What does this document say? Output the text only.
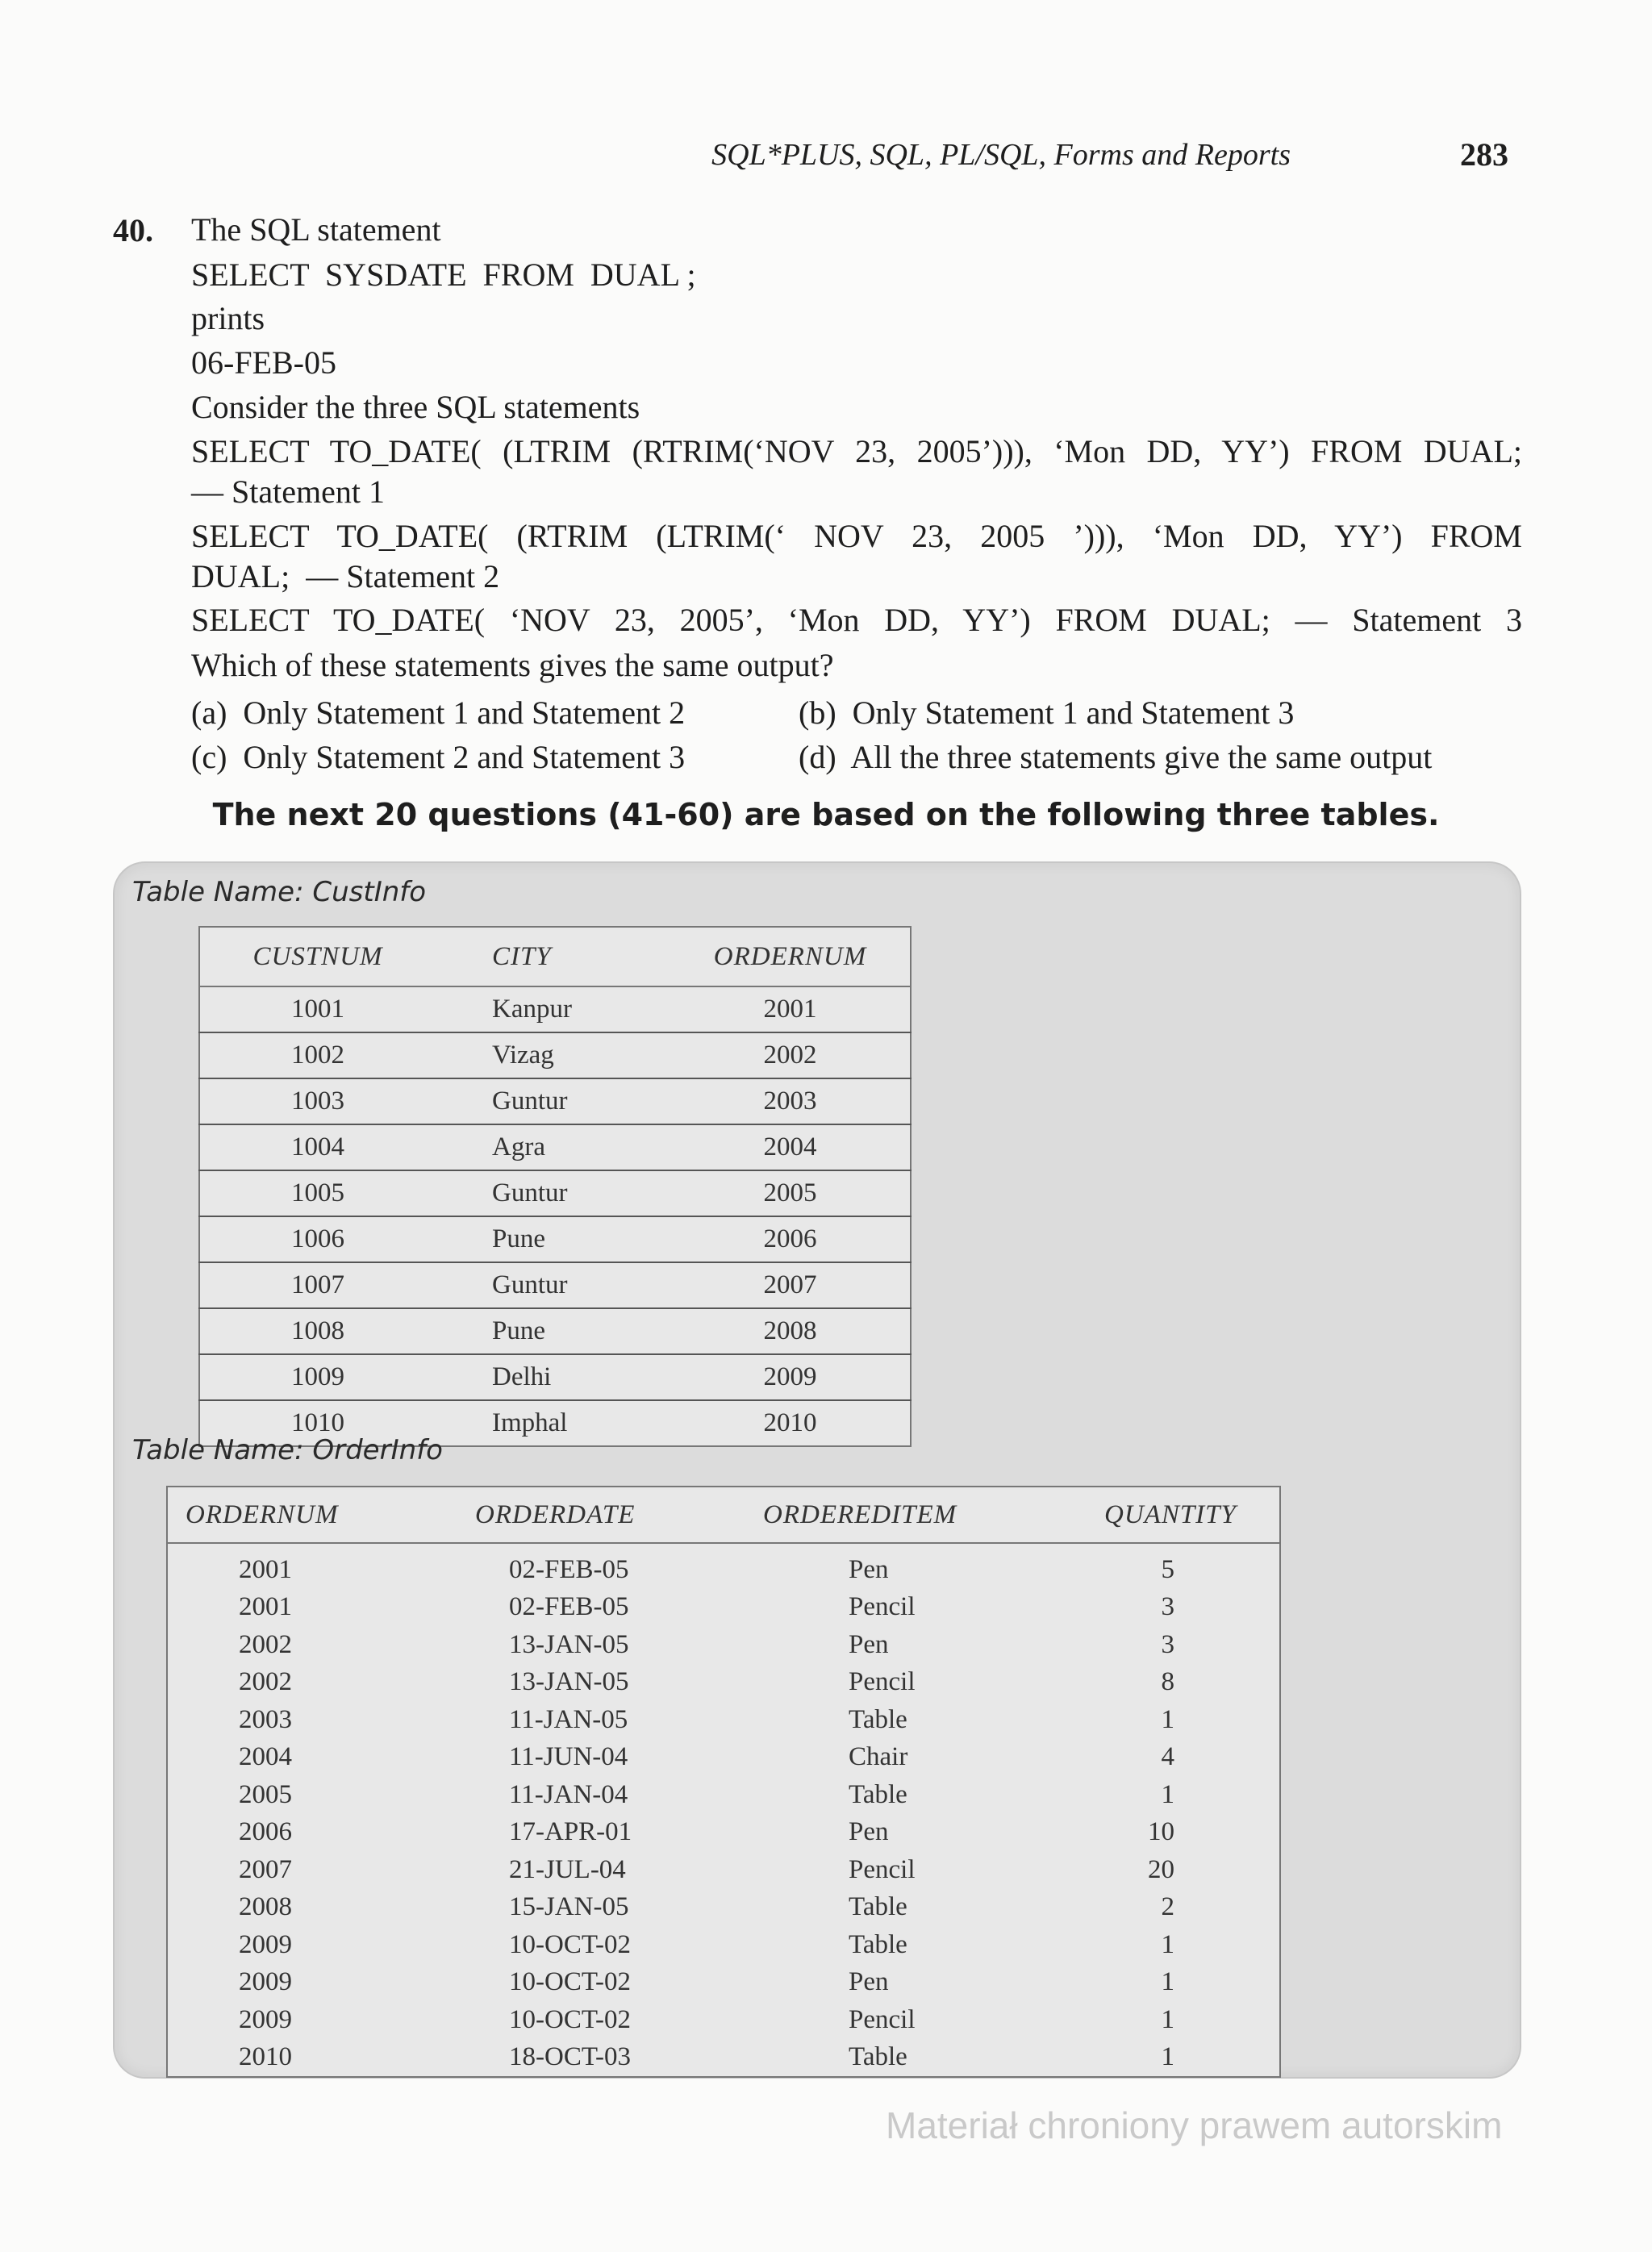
SQL*PLUS, SQL, PL/SQL, Forms and Reports	283
40. The SQL statement
SELECT  SYSDATE  FROM  DUAL ;
prints
06-FEB-05
Consider the three SQL statements
SELECT TO_DATE( (LTRIM (RTRIM(‘NOV 23, 2005’))), ‘Mon DD, YY’) FROM DUAL;
— Statement 1
SELECT TO_DATE( (RTRIM (LTRIM(‘ NOV 23, 2005 ’))), ‘Mon DD, YY’) FROM
DUAL;  — Statement 2
SELECT TO_DATE( ‘NOV 23, 2005’, ‘Mon DD, YY’) FROM DUAL; — Statement 3
Which of these statements gives the same output?
(a)  Only Statement 1 and Statement 2	(b)  Only Statement 1 and Statement 3
(c)  Only Statement 2 and Statement 3	(d)  All the three statements give the same output
The next 20 questions (41-60) are based on the following three tables.
Table Name: CustInfo
CUSTNUM	CITY	ORDERNUM
1001	Kanpur	2001
1002	Vizag	2002
1003	Guntur	2003
1004	Agra	2004
1005	Guntur	2005
1006	Pune	2006
1007	Guntur	2007
1008	Pune	2008
1009	Delhi	2009
1010	Imphal	2010
Table Name: OrderInfo
ORDERNUM	ORDERDATE	ORDEREDITEM	QUANTITY
2001	02-FEB-05	Pen	5
2001	02-FEB-05	Pencil	3
2002	13-JAN-05	Pen	3
2002	13-JAN-05	Pencil	8
2003	11-JAN-05	Table	1
2004	11-JUN-04	Chair	4
2005	11-JAN-04	Table	1
2006	17-APR-01	Pen	10
2007	21-JUL-04	Pencil	20
2008	15-JAN-05	Table	2
2009	10-OCT-02	Table	1
2009	10-OCT-02	Pen	1
2009	10-OCT-02	Pencil	1
2010	18-OCT-03	Table	1
Materiał chroniony prawem autorskim
